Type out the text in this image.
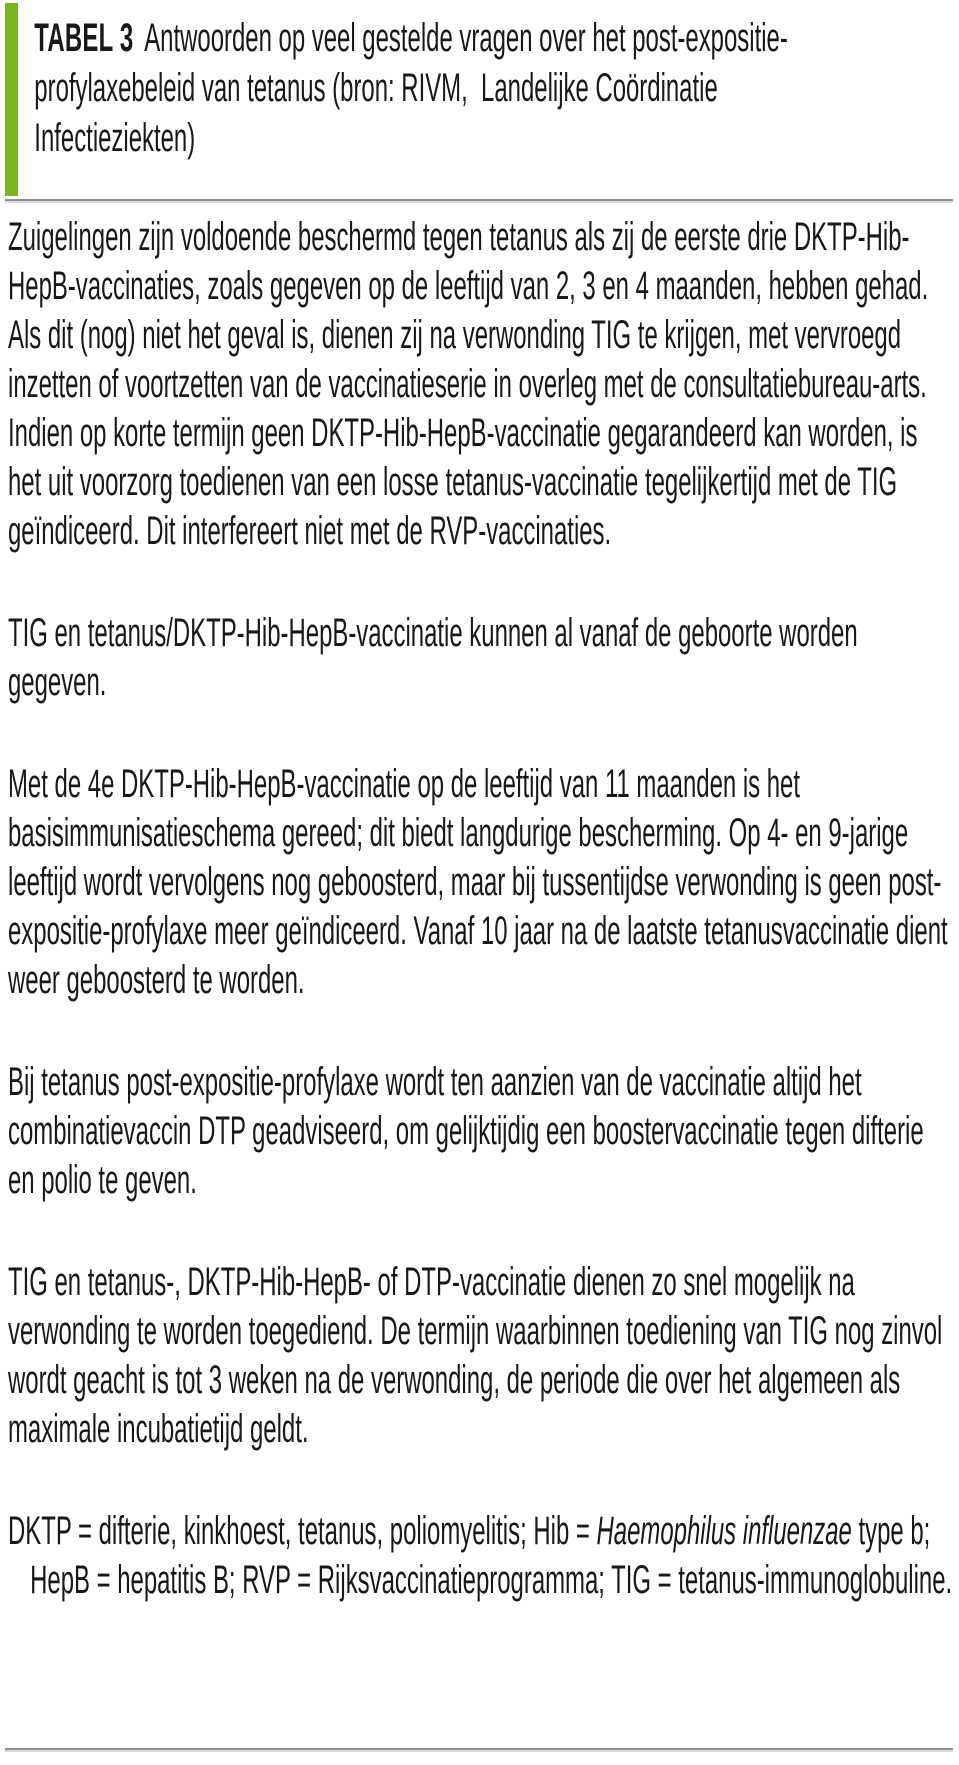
TABEL 3 Antwoorden op veel gestelde vragen over het post-expositie-profylaxebeleid van tetanus (bron: RIVM,  Landelijke Coördinatie Infectieziekten)

Zuigelingen zijn voldoende beschermd tegen tetanus als zij de eerste drie DKTP-Hib-HepB-vaccinaties, zoals gegeven op de leeftijd van 2, 3 en 4 maanden, hebben gehad. Als dit (nog) niet het geval is, dienen zij na verwonding TIG te krijgen, met vervroegd inzetten of voortzetten van de vaccinatieserie in overleg met de consultatiebureau-arts. Indien op korte termijn geen DKTP-Hib-HepB-vaccinatie gegarandeerd kan worden, is het uit voorzorg toedienen van een losse tetanus-vaccinatie tegelijkertijd met de TIG geïndiceerd. Dit interfereert niet met de RVP-vaccinaties.

TIG en tetanus/DKTP-Hib-HepB-vaccinatie kunnen al vanaf de geboorte worden gegeven.

Met de 4e DKTP-Hib-HepB-vaccinatie op de leeftijd van 11 maanden is het basisimmunisatieschema gereed; dit biedt langdurige bescherming. Op 4- en 9-jarige leeftijd wordt vervolgens nog geboosterd, maar bij tussentijdse verwonding is geen post-expositie-profylaxe meer geïndiceerd. Vanaf 10 jaar na de laatste tetanusvaccinatie dient weer geboosterd te worden.

Bij tetanus post-expositie-profylaxe wordt ten aanzien van de vaccinatie altijd het combinatievaccin DTP geadviseerd, om gelijktijdig een boostervaccinatie tegen difterie en polio te geven.

TIG en tetanus-, DKTP-Hib-HepB- of DTP-vaccinatie dienen zo snel mogelijk na verwonding te worden toegediend. De termijn waarbinnen toediening van TIG nog zinvol wordt geacht is tot 3 weken na de verwonding, de periode die over het algemeen als maximale incubatietijd geldt.

DKTP = difterie, kinkhoest, tetanus, poliomyelitis; Hib = Haemophilus influenzae type b; HepB = hepatitis B; RVP = Rijksvaccinatieprogramma; TIG = tetanus-immunoglobuline.
